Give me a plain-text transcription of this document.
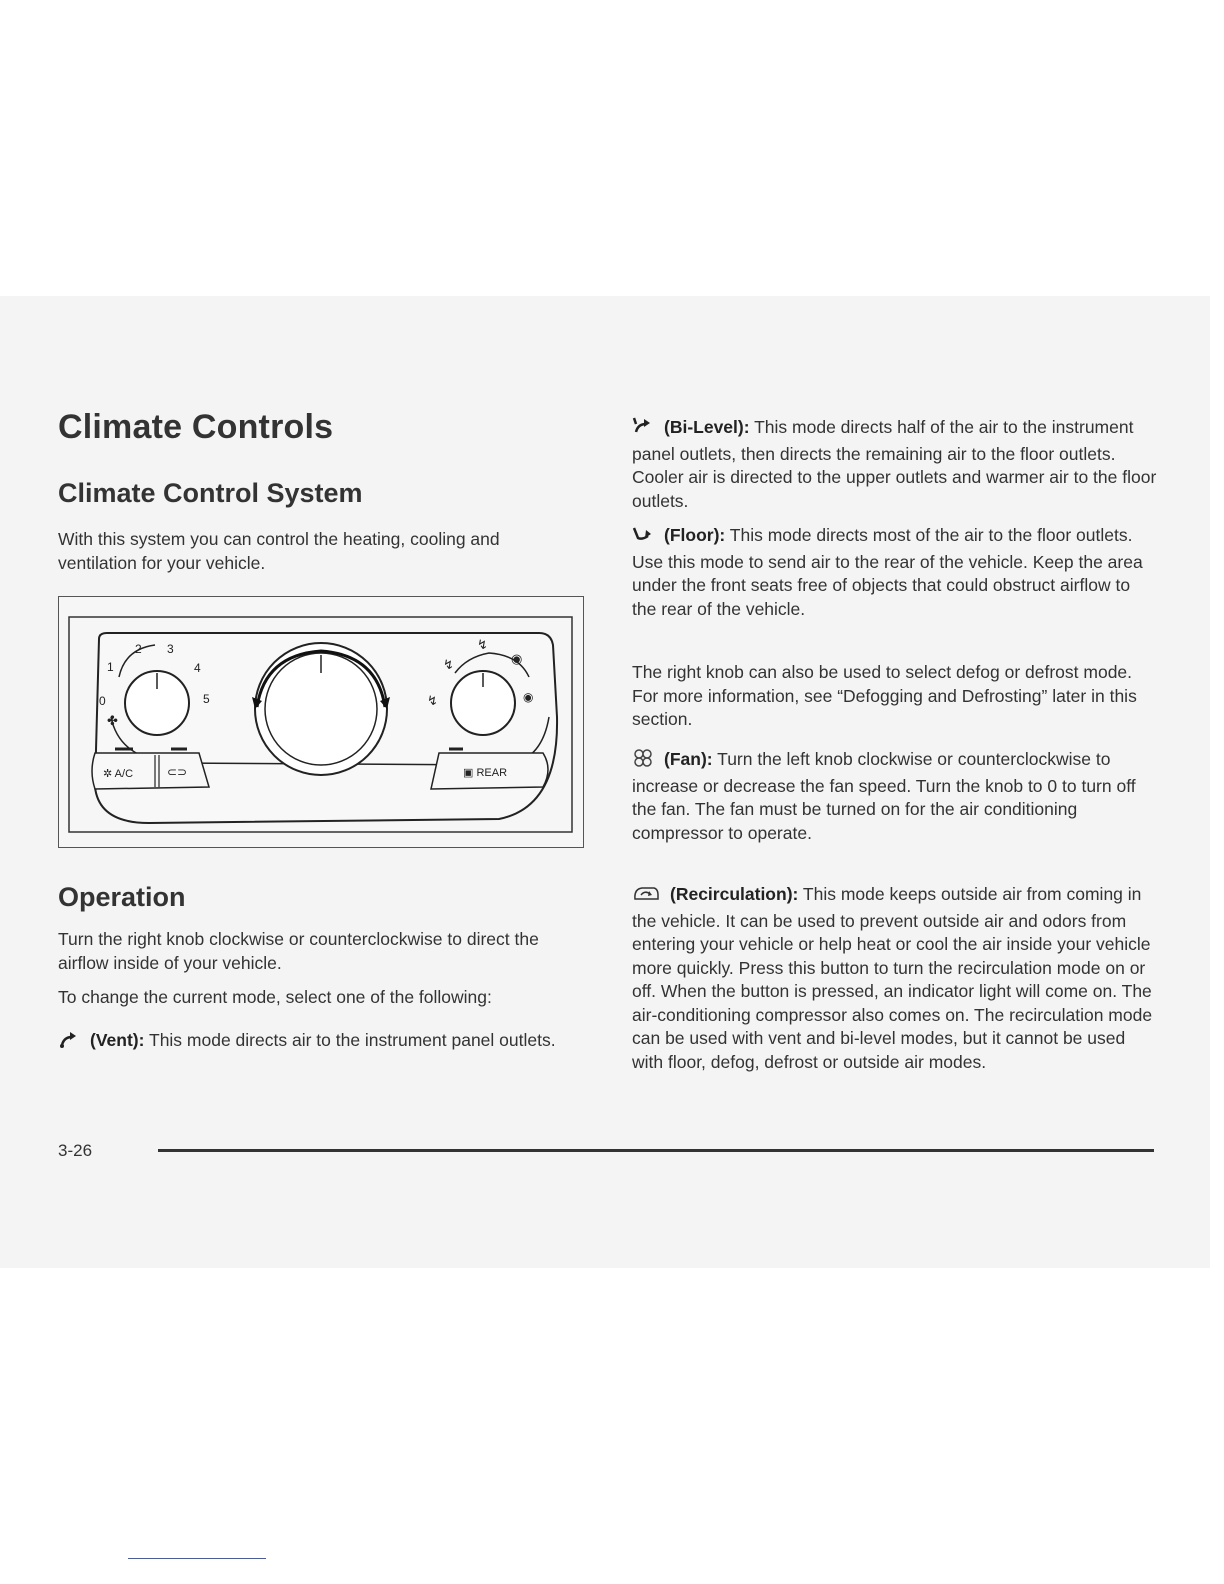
Climate Controls
Climate Control System

With this system you can control the heating, cooling and ventilation for your vehicle.

1
2 3
4
5
0
✤
↯
↯
◉
◉
↯
✲ A/C	⊂⊃	▣ REAR
Operation

Turn the right knob clockwise or counterclockwise to direct the airflow inside of your vehicle.

To change the current mode, select one of the following:

(Vent): This mode directs air to the instrument panel outlets.

(Bi-Level): This mode directs half of the air to the instrument panel outlets, then directs the remaining air to the floor outlets. Cooler air is directed to the upper outlets and warmer air to the floor outlets.

(Floor): This mode directs most of the air to the floor outlets. Use this mode to send air to the rear of the vehicle. Keep the area under the front seats free of objects that could obstruct airflow to the rear of the vehicle.

The right knob can also be used to select defog or defrost mode. For more information, see “Defogging and Defrosting” later in this section.

(Fan): Turn the left knob clockwise or counterclockwise to increase or decrease the fan speed. Turn the knob to 0 to turn off the fan. The fan must be turned on for the air conditioning compressor to operate.

(Recirculation): This mode keeps outside air from coming in the vehicle. It can be used to prevent outside air and odors from entering your vehicle or help heat or cool the air inside your vehicle more quickly. Press this button to turn the recirculation mode on or off. When the button is pressed, an indicator light will come on. The air-conditioning compressor also comes on. The recirculation mode can be used with vent and bi-level modes, but it cannot be used with floor, defog, defrost or outside air modes.

3-26
